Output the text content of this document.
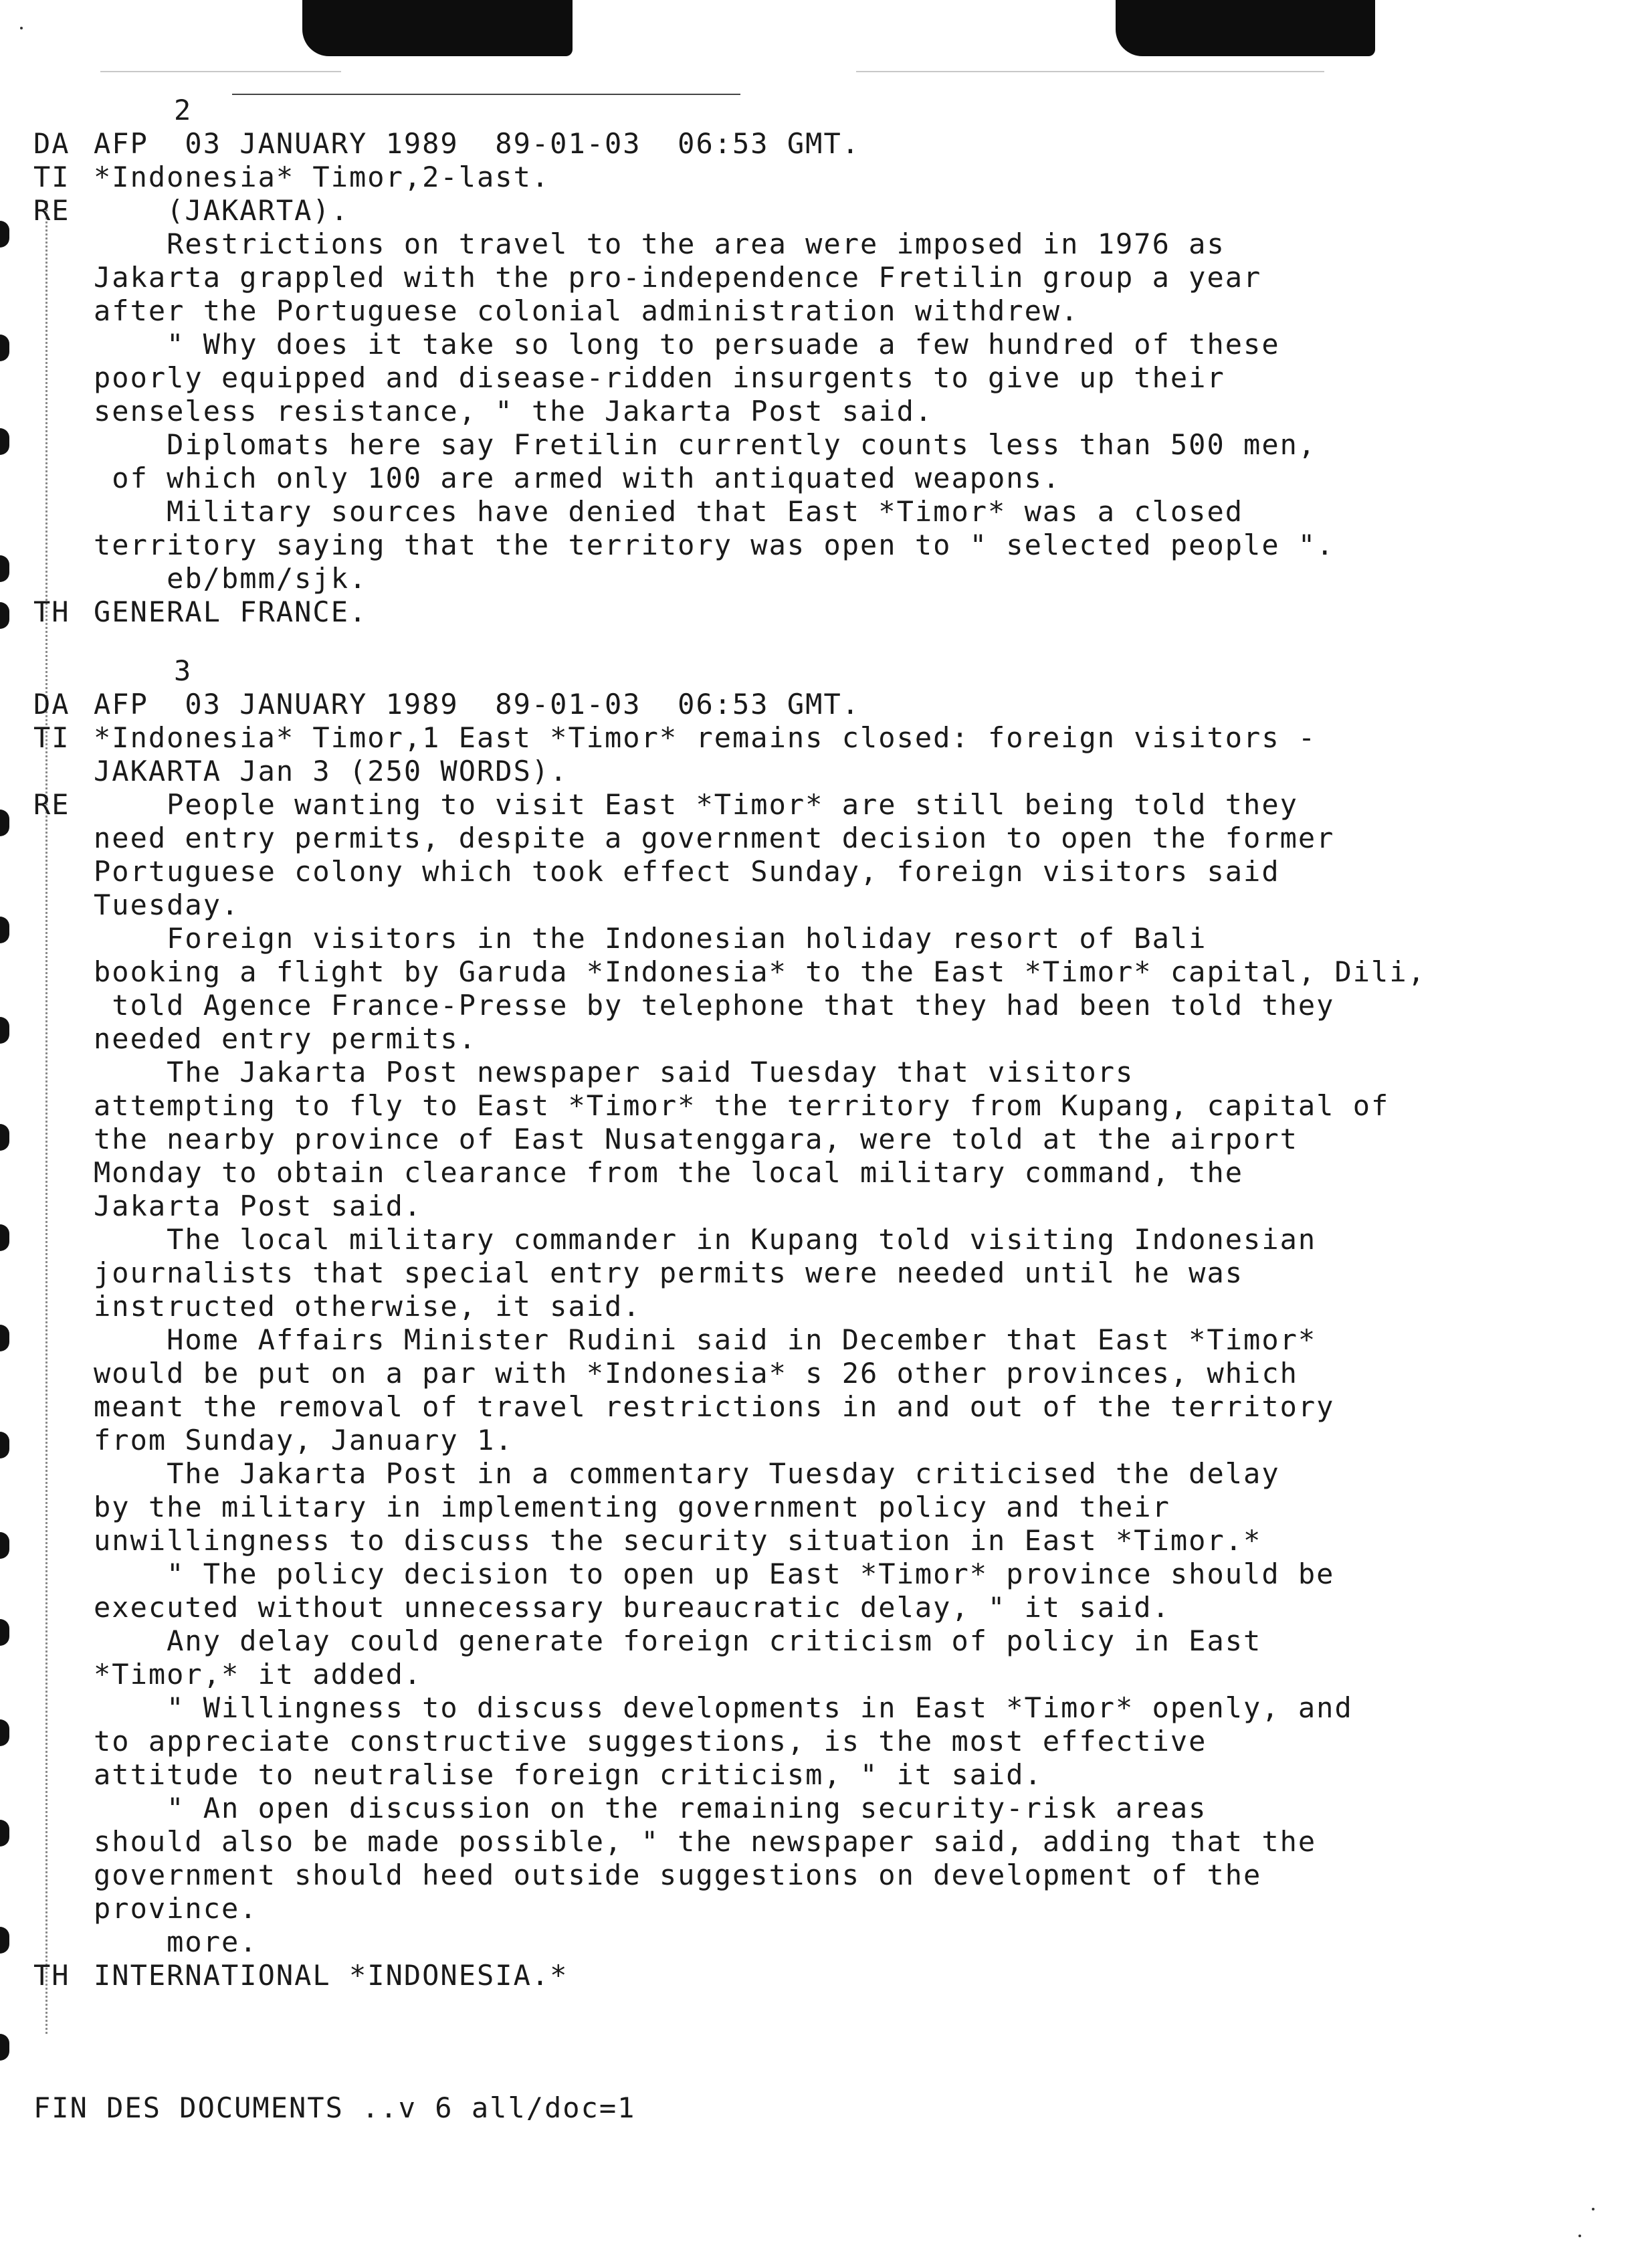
2
DA AFP  03 JANUARY 1989  89-01-03  06:53 GMT.
TI *Indonesia* Timor,2-last.
RE (JAKARTA).
Restrictions on travel to the area were imposed in 1976 as
Jakarta grappled with the pro-independence Fretilin group a year
after the Portuguese colonial administration withdrew.
" Why does it take so long to persuade a few hundred of these
poorly equipped and disease-ridden insurgents to give up their
senseless resistance, " the Jakarta Post said.
Diplomats here say Fretilin currently counts less than 500 men,
of which only 100 are armed with antiquated weapons.
Military sources have denied that East *Timor* was a closed
territory saying that the territory was open to " selected people ".
eb/bmm/sjk.
TH GENERAL FRANCE.
3
DA AFP  03 JANUARY 1989  89-01-03  06:53 GMT.
TI *Indonesia* Timor,1 East *Timor* remains closed: foreign visitors -
JAKARTA Jan 3 (250 WORDS).
RE People wanting to visit East *Timor* are still being told they
need entry permits, despite a government decision to open the former
Portuguese colony which took effect Sunday, foreign visitors said
Tuesday.
Foreign visitors in the Indonesian holiday resort of Bali
booking a flight by Garuda *Indonesia* to the East *Timor* capital, Dili,
told Agence France-Presse by telephone that they had been told they
needed entry permits.
The Jakarta Post newspaper said Tuesday that visitors
attempting to fly to East *Timor* the territory from Kupang, capital of
the nearby province of East Nusatenggara, were told at the airport
Monday to obtain clearance from the local military command, the
Jakarta Post said.
The local military commander in Kupang told visiting Indonesian
journalists that special entry permits were needed until he was
instructed otherwise, it said.
Home Affairs Minister Rudini said in December that East *Timor*
would be put on a par with *Indonesia* s 26 other provinces, which
meant the removal of travel restrictions in and out of the territory
from Sunday, January 1.
The Jakarta Post in a commentary Tuesday criticised the delay
by the military in implementing government policy and their
unwillingness to discuss the security situation in East *Timor.*
" The policy decision to open up East *Timor* province should be
executed without unnecessary bureaucratic delay, " it said.
Any delay could generate foreign criticism of policy in East
*Timor,* it added.
" Willingness to discuss developments in East *Timor* openly, and
to appreciate constructive suggestions, is the most effective
attitude to neutralise foreign criticism, " it said.
" An open discussion on the remaining security-risk areas
should also be made possible, " the newspaper said, adding that the
government should heed outside suggestions on development of the
province.
more.
TH INTERNATIONAL *INDONESIA.*
FIN DES DOCUMENTS ..v 6 all/doc=1
